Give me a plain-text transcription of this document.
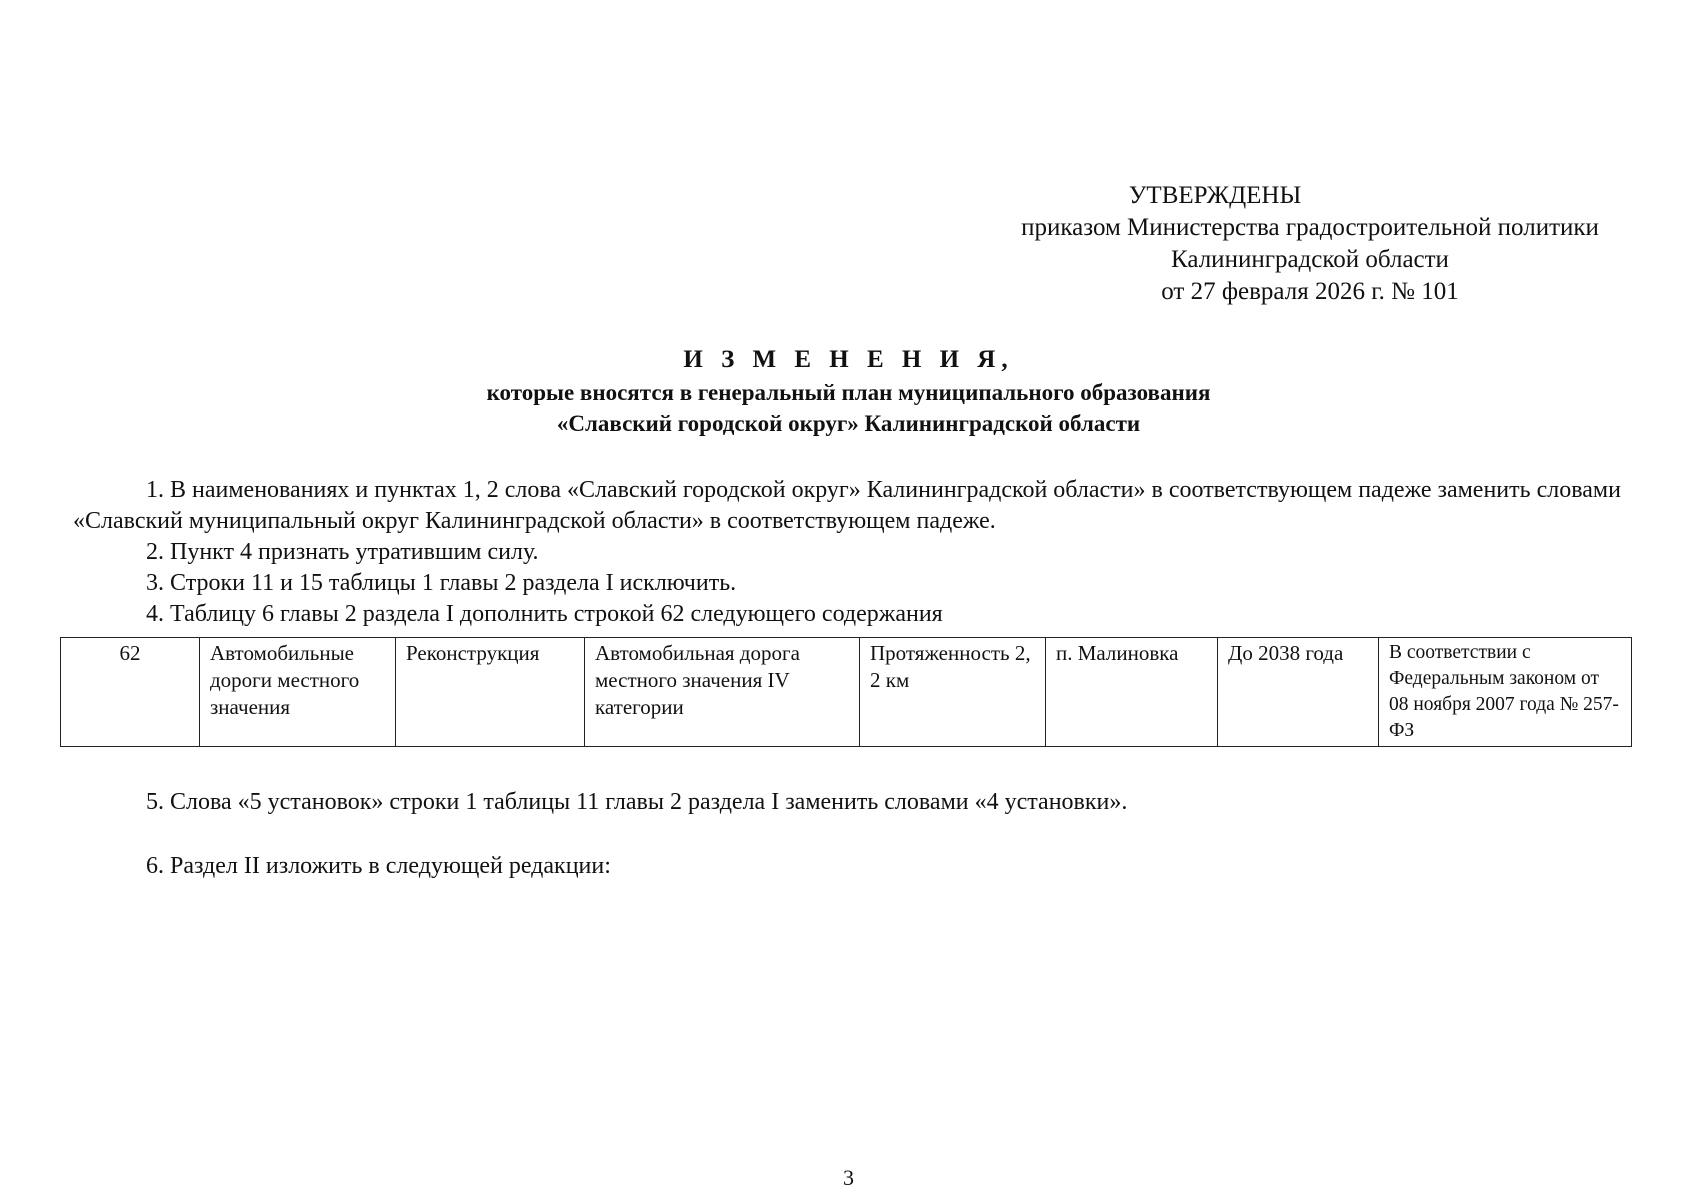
УТВЕРЖДЕНЫ
приказом Министерства градостроительной политики
Калининградской области
от 27 февраля 2026 г. № 101
И З М Е Н Е Н И Я,
которые вносятся в генеральный план муниципального образования
«Славский городской округ» Калининградской области

1. В наименованиях и пунктах 1, 2 слова «Славский городской округ» Калининградской области» в соответствующем падеже заменить словами «Славский муниципальный округ Калининградской области» в соответствующем падеже.

2. Пункт 4 признать утратившим силу.

3. Строки 11 и 15 таблицы 1 главы 2 раздела I исключить.

4. Таблицу 6 главы 2 раздела I дополнить строкой 62 следующего содержания

62	Автомобильные дороги местного значения	Реконструкция	Автомобильная дорога местного значения IV категории	Протяженность 2, 2 км	п. Малиновка	До 2038 года	В соответствии с Федеральным законом от 08 ноября 2007 года № 257-ФЗ

5. Слова «5 установок» строки 1 таблицы 11 главы 2 раздела I заменить словами «4 установки».

6. Раздел II изложить в следующей редакции:

3
